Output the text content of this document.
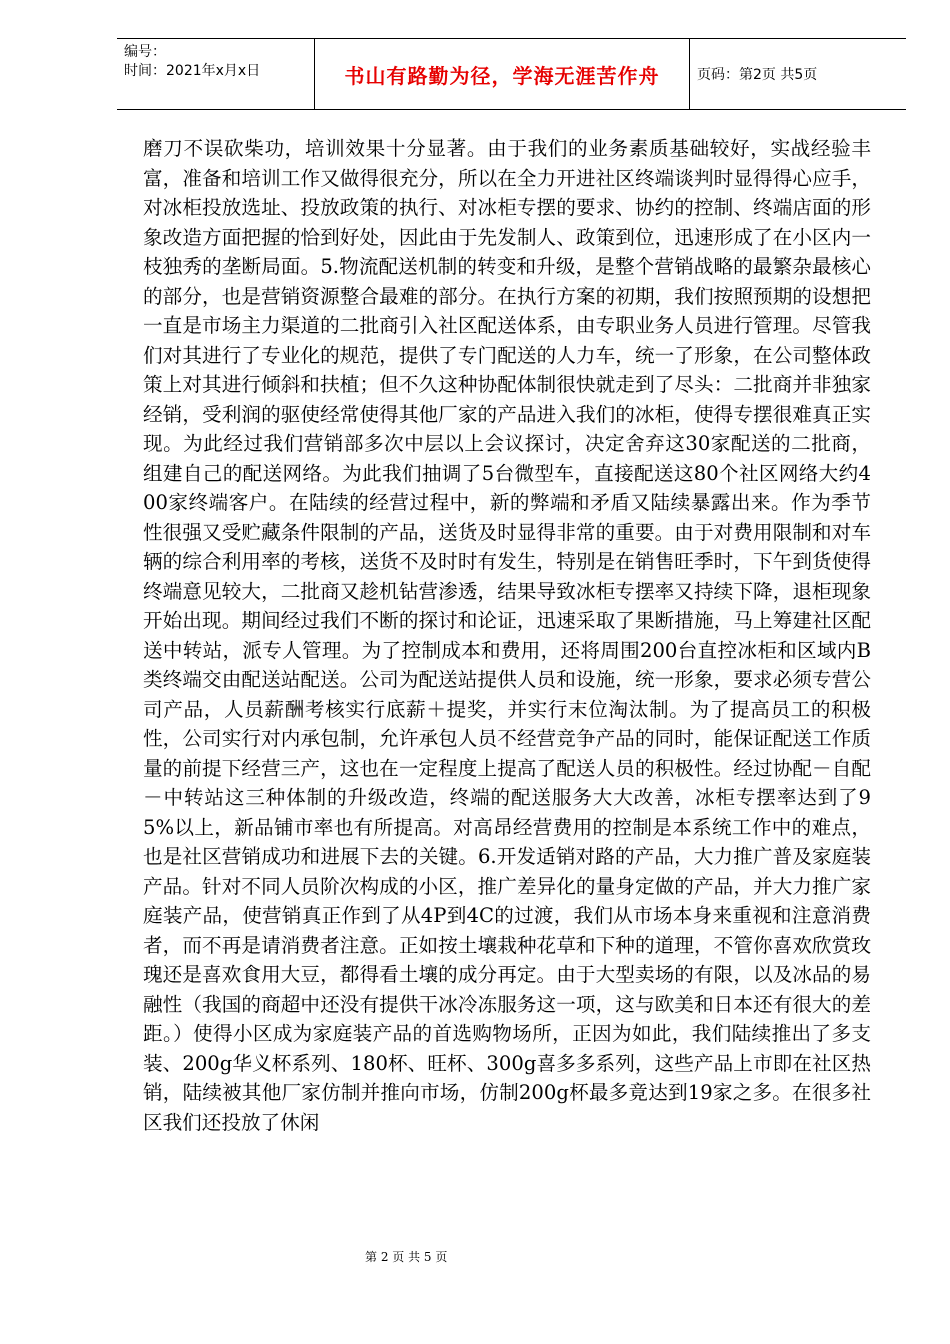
编号：
时间：2021年x月x日	书山有路勤为径，学海无涯苦作舟	页码：第2页 共5页
磨刀不误砍柴功，培训效果十分显著。由于我们的业务素质基础较好，实战经验丰富，准备和培训工作又做得很充分，所以在全力开进社区终端谈判时显得得心应手，对冰柜投放选址、投放政策的执行、对冰柜专摆的要求、协约的控制、终端店面的形象改造方面把握的恰到好处，因此由于先发制人、政策到位，迅速形成了在小区内一枝独秀的垄断局面。5.物流配送机制的转变和升级，是整个营销战略的最繁杂最核心的部分，也是营销资源整合最难的部分。在执行方案的初期，我们按照预期的设想把一直是市场主力渠道的二批商引入社区配送体系，由专职业务人员进行管理。尽管我们对其进行了专业化的规范，提供了专门配送的人力车，统一了形象，在公司整体政策上对其进行倾斜和扶植；但不久这种协配体制很快就走到了尽头：二批商并非独家经销，受利润的驱使经常使得其他厂家的产品进入我们的冰柜，使得专摆很难真正实现。为此经过我们营销部多次中层以上会议探讨，决定舍弃这30家配送的二批商，组建自己的配送网络。为此我们抽调了5台微型车，直接配送这80个社区网络大约400家终端客户。在陆续的经营过程中，新的弊端和矛盾又陆续暴露出来。作为季节性很强又受贮藏条件限制的产品，送货及时显得非常的重要。由于对费用限制和对车辆的综合利用率的考核，送货不及时时有发生，特别是在销售旺季时，下午到货使得终端意见较大，二批商又趁机钻营渗透，结果导致冰柜专摆率又持续下降，退柜现象开始出现。期间经过我们不断的探讨和论证，迅速采取了果断措施，马上筹建社区配送中转站，派专人管理。为了控制成本和费用，还将周围200台直控冰柜和区域内B类终端交由配送站配送。公司为配送站提供人员和设施，统一形象，要求必须专营公司产品，人员薪酬考核实行底薪＋提奖，并实行末位淘汰制。为了提高员工的积极性，公司实行对内承包制，允许承包人员不经营竞争产品的同时，能保证配送工作质量的前提下经营三产，这也在一定程度上提高了配送人员的积极性。经过协配－自配－中转站这三种体制的升级改造，终端的配送服务大大改善，冰柜专摆率达到了95%以上，新品铺市率也有所提高。对高昂经营费用的控制是本系统工作中的难点，也是社区营销成功和进展下去的关键。6.开发适销对路的产品，大力推广普及家庭装产品。针对不同人员阶次构成的小区，推广差异化的量身定做的产品，并大力推广家庭装产品，使营销真正作到了从4P到4C的过渡，我们从市场本身来重视和注意消费者，而不再是请消费者注意。正如按土壤栽种花草和下种的道理，不管你喜欢欣赏玫瑰还是喜欢食用大豆，都得看土壤的成分再定。由于大型卖场的有限，以及冰品的易融性（我国的商超中还没有提供干冰冷冻服务这一项，这与欧美和日本还有很大的差距。）使得小区成为家庭装产品的首选购物场所，正因为如此，我们陆续推出了多支装、200g华义杯系列、180杯、旺杯、300g喜多多系列，这些产品上市即在社区热销，陆续被其他厂家仿制并推向市场，仿制200g杯最多竟达到19家之多。在很多社区我们还投放了休闲
第 2 页 共 5 页
